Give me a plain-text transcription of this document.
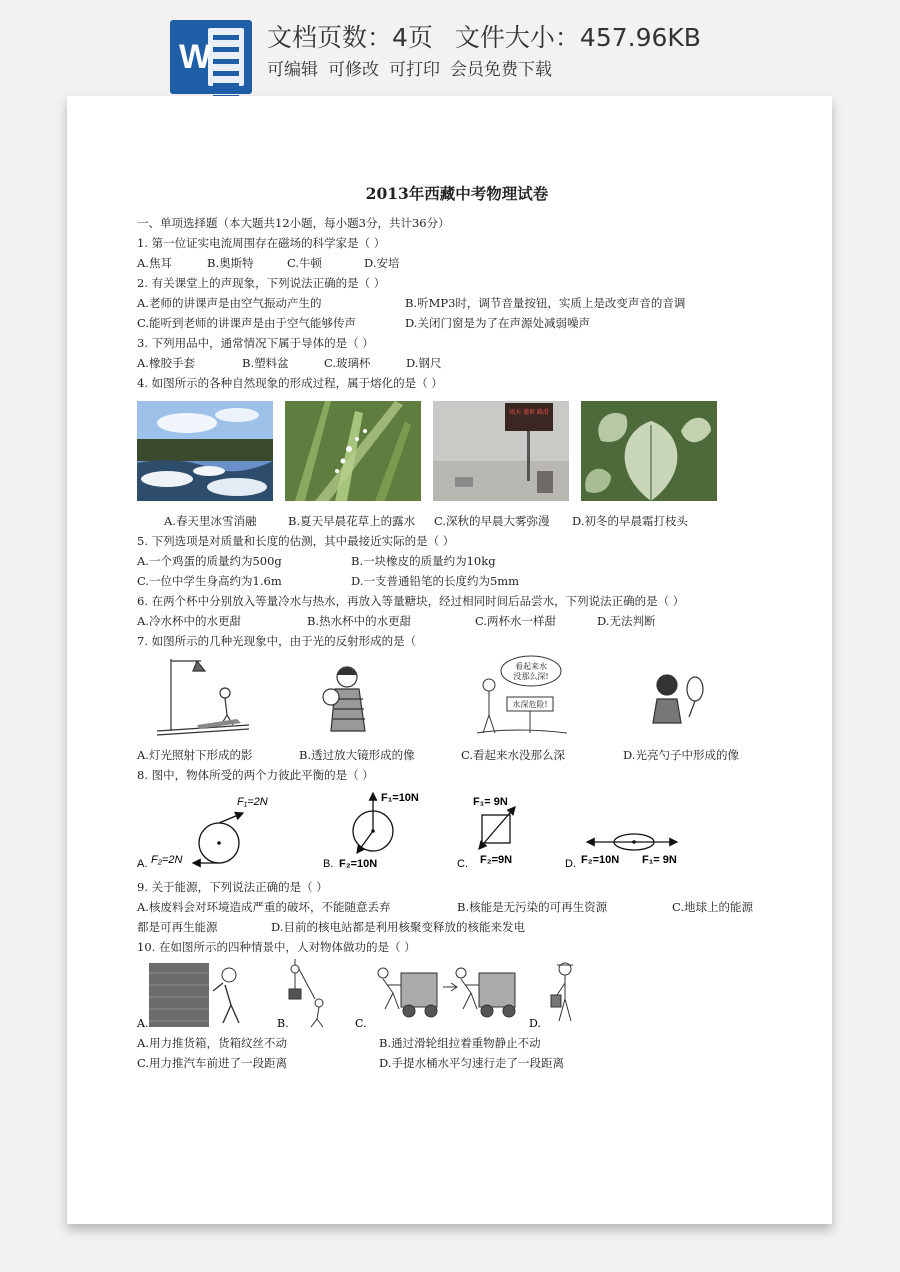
W
文档页数：4页 文件大小：457.96KB
可编辑 可修改 可打印 会员免费下载
2013年西藏中考物理试卷
一、单项选择题（本大题共12小题，每小题3分，共计36分）
1. 第一位证实电流周围存在磁场的科学家是（ ）
A.焦耳	B.奥斯特	C.牛顿	D.安培
2. 有关课堂上的声现象，下列说法正确的是（ ）
A.老师的讲课声是由空气振动产生的	B.听MP3时，调节音量按钮，实质上是改变声音的音调
C.能听到老师的讲课声是由于空气能够传声	D.关闭门窗是为了在声源处减弱噪声
3. 下列用品中，通常情况下属于导体的是（ ）
A.橡胶手套	B.塑料盆	C.玻璃杯	D.钢尺
4. 如图所示的各种自然现象的形成过程，属于熔化的是（ ）
雨天 谨慎 路滑
A.春天里冰雪消融	B.夏天早晨花草上的露水	C.深秋的早晨大雾弥漫	D.初冬的早晨霜打枝头
5. 下列选项是对质量和长度的估测，其中最接近实际的是（ ）
A.一个鸡蛋的质量约为500g	B.一块橡皮的质量约为10kg
C.一位中学生身高约为1.6m	D.一支普通铅笔的长度约为5mm
6. 在两个杯中分别放入等量冷水与热水，再放入等量糖块，经过相同时间后品尝水，下列说法正确的是（ ）
A.冷水杯中的水更甜	B.热水杯中的水更甜	C.两杯水一样甜	D.无法判断
7. 如图所示的几种光现象中，由于光的反射形成的是（
看起来水
没那么深!
水深危险!
A.灯光照射下形成的影	B.透过放大镜形成的像	C.看起来水没那么深	D.光亮勺子中形成的像
8. 图中，物体所受的两个力彼此平衡的是（ ）
A.
F₁=2N
F₂=2N	B.
F₁=10N
F₂=10N	C.
F₁= 9N
F₂=9N	D. F₂=10N F₁= 9N
9. 关于能源，下列说法正确的是（ ）
A.核废料会对环境造成严重的破坏，不能随意丢弃	B.核能是无污染的可再生资源	C.地球上的能源
都是可再生能源	D.目前的核电站都是利用核聚变释放的核能来发电
10. 在如图所示的四种情景中，人对物体做功的是（ ）
A.	B.	C.	D.
A.用力推货箱，货箱纹丝不动	B.通过滑轮组拉着重物静止不动
C.用力推汽车前进了一段距离	D.手提水桶水平匀速行走了一段距离
